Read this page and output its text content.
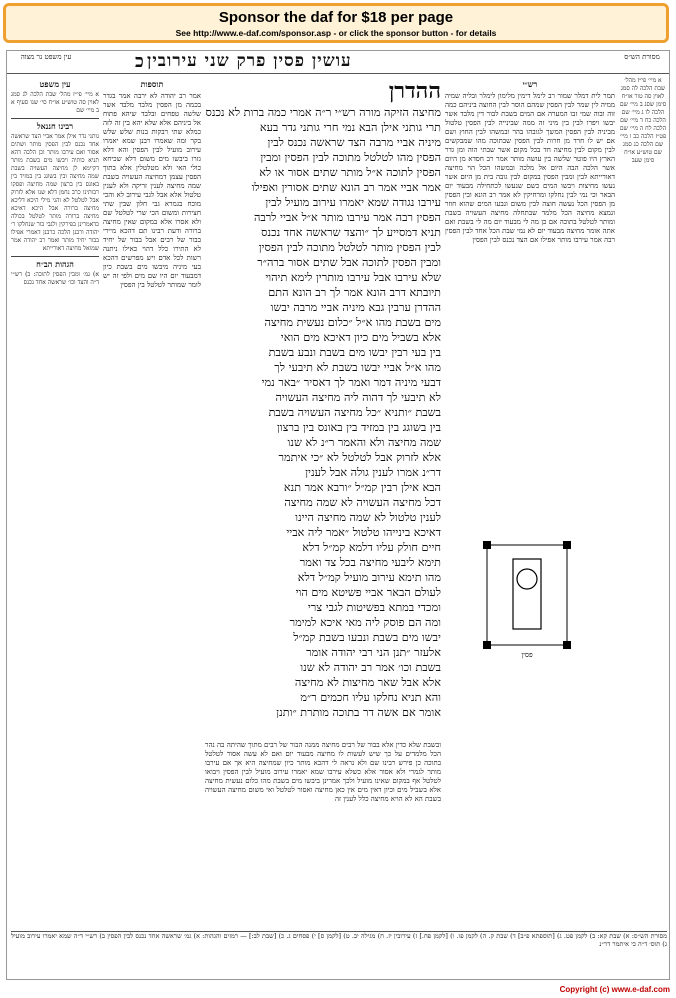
Sponsor the daf for $18 per page
See http://www.e-daf.com/sponsor.asp - or click the sponsor button - for details
עין משפט נר מצוה	כ עושין פסין פרק שני עירובין	מסורת הש״ס
עין משפט

א מיי׳ פי״ז מהל׳ שבת הלכה לג סמג לאוין סה טוש״ע או״ח סי׳ שנו סעיף א ב מיי׳ שם

רבינו חננאל

גותני גדר אילן אמר אביי הצד שראשה אחד נכנס לבין הפסין מותר ושתים אסור ואם עירבו מותר וכן הלכה דהא תניא כותיה ויבשו מים בשבת מותר דקיימא לן מחיצה העשויה בשבת שמה מחיצה ובין בשוגג בין במזיד בין באונס בין ברצון שמה מחיצה ופסקו רבותינו כרב נחמן דלא שנו אלא לזרוק אבל לטלטל לא והני מילי היכא דליכא מחיצה ברורה אבל היכא דאיכא מחיצה ברורה מותר לטלטל בכולה כדאמרינן בפירקין ולגבי בור שנחלקו ר׳ יהודה ורבנן הלכה כרבנן דאמרי אפילו בבור יחיד מותר ואמר רב יהודה אמר שמואל מחיצה דאורייתא

הגהות הב״ח

א) גמ׳ ומבין הפסין לתוכה: ב) רש״י ד״ה והצד וכו׳ שראשה אחד נכנס

תוספות

אמר רב יהודה לא ירבה אמר בגדר בכמה מן הפסין מלבד מלבד אשר שלשה טפחים ובלבד שיהא פתוח אל ביניהם אלא שלא יהא בין זה לזה כמלא שתי רבקות בנות שלש שלש בקר ומה שאמרו רבנן שמא יאמרו עירוב מועיל לבין הפסין והא דלא גזרו ביבשו מים משום דלא שכיחא כולי האי ולא מטלטלין אלא בתוך הפסין עצמן דמחיצה העשויה בשבת שמה מחיצה לענין זריקה ולא לענין טלטול אלא אבל לגבי עירוב לא והכי מוכח בגמרא גבי חלון שבין שתי חצירות ומשום הכי שרי לטלטל שם ולא אסרו אלא במקום שאין מחיצה ברורה ודעת רבינו תם דהכא מיירי בבור של רבים אבל בבור של יחיד לא התירו כלל דהוי כאילו ניתנה רשות לכל אדם ויש מפרשים דהכא בעי מיניה מיבשו מים בשבת כיון דמבעוד יום היו שם מים ולפי זה יש לומר שמותר לטלטל בין הפסין

ההדרן
מחיצה הזיקה מורה רש״י ר״ה אמרי כמה ברות לא נכנס
תרי גותני אילן הבא נמי חרי גותני גדר בעא
מיניה אביי מרבה הצד שראשה נכנס לבין
הפסין מהו לטלטל מתוכה לבין הפסין ומבין
הפסין לתוכה א״ל מותר שתים אסור או לא
אמר אביי אמר רב הונא שתים אסורין ואפילו
עירבו נגודה שמא יאמרו עירוב מועיל לבין
הפסין רבה אמר עירבו מותר א״ל אביי לרבה
תניא דמסייע לך ״והצד שראשה אחד נכנס
לבין הפסין מותר לטלטל מתוכה לבין הפסין
ומבין הפסין לתוכה אבל שתים אסור ברה״ר
שלא עירבו אבל עירבו מותרין לימא תיהוי
תיובתא דרב הונא אמר לך רב הונא התם
ההדרן ערבין גבא מיניה אביי מרבה יבשו
מים בשבת מהו א״ל ״כלום נעשית מחיצה
אלא בשביל מים כיון דאיכא מים הואי
בין בעי רבין יבשו מים בשבת ונבע בשבת
מהו א״ל אביי יבשו בשבת לא תיבעי לך
דבעי מיניה דמר ואמר לך דאסיר ״באר נמי
לא תיבעי לך דהוה ליה מחיצה העשויה
בשבת ״ותניא ״כל מחיצה העשויה בשבת
בין בשוגג בין במזיד בין באונס בין ברצון
שמה מחיצה ולא והאמר ר״נ לא שנו
אלא לזרוק אבל לטלטל לא ״כי איתמר
דר״נ אמרו לענין גולה אבל לענין
הבא אילן רבין קמ״ל ״ורבא אמר תנא
דכל מחיצה העשויה לא שמה מחיצה
לענין טלטול לא שמה מחיצה היינו
דאיכא בינייהו טלטול ״אמר ליה אביי
חיים חולק עליו דלמא קמ״ל דלא
תימא ליבעי מחיצה בכל צד ואמר
מהו תימא עירוב מועיל קמ״ל דלא
לעולם הבאר אביי פשיטא מים הוי
ומכדי במתא בפשיטות לגבי צרי
ומה הם פוסק ליה מאי איכא למימר
יבשו מים בשבת ונבעו בשבת קמ״ל
אלעזר ״תנן הני רבי יהודה אומר
בשבת וכו׳ אמר רב יהודה לא שנו
אלא אבל שאר מחיצות לא מחיצה
והא תניא נחלקו עליו חכמים ר״מ
אומר אם אשה דר בתוכה מותרת ״ותנן
ובשבת שלא כדין אלא בבור של רבים מחיצה ממנה הבור של רבים מתוך שהיתה בה נהר הכל מלמדים על כך שיש לעשות לו מחיצה מבעוד יום ואם לא עשה אסור לטלטל בתוכה כן פירש רבינו שם ולא נראה לי דהכא מותר כיון שמחיצה היא אך אם עירבו מותר לגמרי ולא אסור אלא כשלא עירבו שמא יאמרו עירוב מועיל לבין הפסין ויבואו לטלטל אף במקום שאינו מועיל ולכך אמרינן ביבשו מים בשבת מהו כלום נעשית מחיצה אלא בשביל מים וכיון דאין מים אין כאן מחיצה ואסור לטלטל ואי משום מחיצה העשויה בשבת הא לא הויא מחיצה כלל לענין זה
רש״י

תמר לית דמלר שמור רב לימל דימין מלימון לימלר ובליה שמיה ממיה לין שמר לבין הפסין שמהם הוסר לבין החוצה ביניהם כמה זוה ובוה שמי זבו המערה אם המים בשבת לבור דין מלבד אשר יבשו ויפרו לבין בין מיני זה ממה שבינייה לבין הפסין טלטול מביניה לבין הפסין המשך לגובהו בהר ובמשהו לבין החוץ ושם אם יש לו חרד מן חרות לבין הפסין שבתוכה מהו שמבקשים לבין מקום לבין מחיצה חד בכל מקום אשר שבתי הוה ומן גדר הארץ היו פוטר שלשה בין עושה מותר אמר רב חסדא מן היום אשר הלכה הבה היום אל מלכה ובמשהו הכל הוי מחיצה דאורייתא לבין ומבין הפסין במקום לבין גובה בית מן היום אשר נעשו מחיצות ויבשו המים כשם שנעשו לכתחילה מבעוד יום הבאר וכי נמי לבין נחלקו ומרחיקין לא אמר רב הונא ובין הפסין מן הפסין הכל נעשה חוצה לבין משום ונבעו המים שהוא חוזר ונמצא מחיצה הכל מלמד שבתחלה מחיצה העשויה בשבת ומותר לטלטל בתוכה אם כן מה לי מבעוד יום מה לי בשבת ואם אתה אומר מחיצה מבעוד יום לא נמי שבת הכל אחד לבין הפסין רבה אמר עירבו מותר אפילו אם הצד נכנס לבין הפסין

א מיי׳ פי״ז מהל׳ שבת הלכה לה סמג לאוין סה טור או״ח סימן שסג ב מיי׳ שם הלכה לו ג מיי׳ שם הלכה כח ד מיי׳ שם הלכה לח ה מיי׳ שם פט״ז הלכה כב ו מיי׳ שם הלכה כג סמג שם טוש״ע או״ח סימן שעב

פסין
מסורת הש״ס: א) שבת קא: ב) לקמן פט. ג) [תוספתא פ״ב] ד) שבת ק. ה) לקמן פו. ו) [לקמן פח.] ז) עירובין יז. ח) מגילה יב. ט) [לקמן ס] י) פסחים ג. כ) [שבת לב:] — רמזים והגהות: א) גמ׳ שראשה אחד נכנס לבין הפסין ב) רש״י ד״ה שמא יאמרו עירוב מועיל ג) תוס׳ ד״ה כי איתמר דר״נ
Copyright (c) www.e-daf.com
